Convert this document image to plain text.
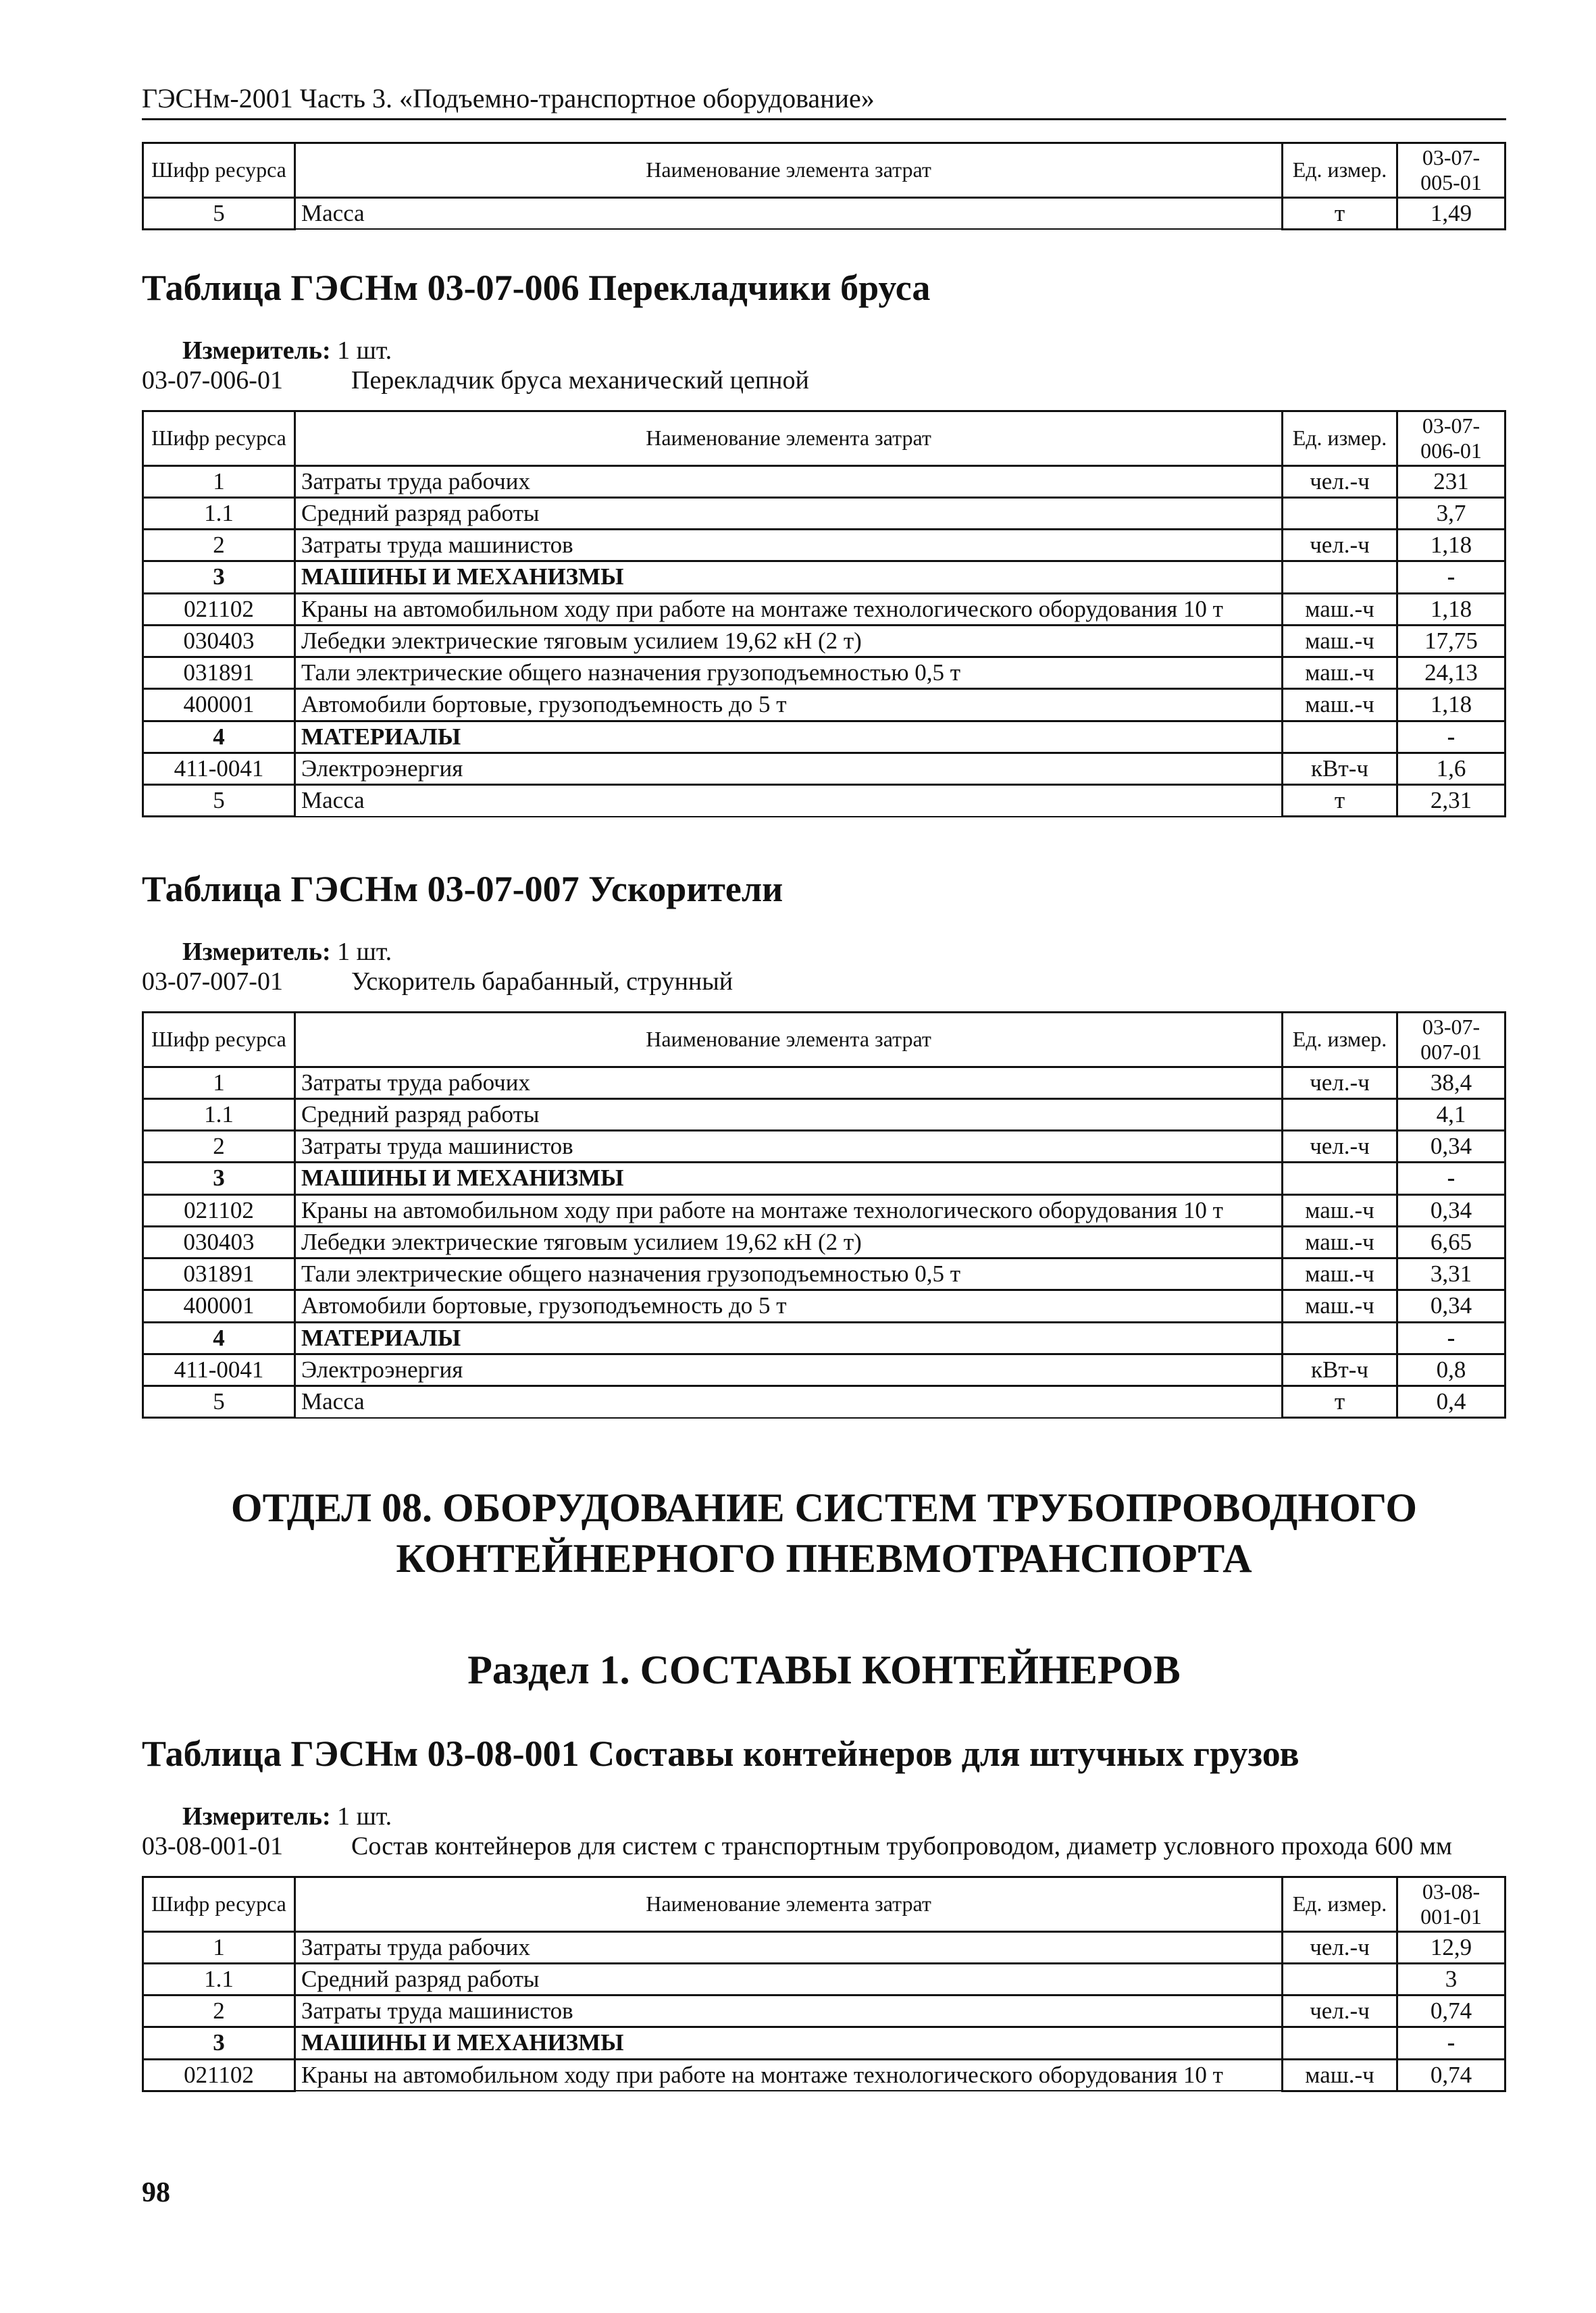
ГЭСНм-2001 Часть 3. «Подъемно-транспортное оборудование»
Шифр ресурса	Наименование элемента затрат	Ед. измер.	03-07-005-01
5	Масса	т	1,49

Таблица ГЭСНм 03-07-006 Перекладчики бруса

Измеритель: 1 шт.
03-07-006-01	Перекладчик бруса механический цепной
Шифр ресурса	Наименование элемента затрат	Ед. измер.	03-07-006-01
1	Затраты труда рабочих	чел.-ч	231
1.1	Средний разряд работы		3,7
2	Затраты труда машинистов	чел.-ч	1,18
3	МАШИНЫ И МЕХАНИЗМЫ		-
021102	Краны на автомобильном ходу при работе на монтаже технологического оборудования 10 т	маш.-ч	1,18
030403	Лебедки электрические тяговым усилием 19,62 кН (2 т)	маш.-ч	17,75
031891	Тали электрические общего назначения грузоподъемностью 0,5 т	маш.-ч	24,13
400001	Автомобили бортовые, грузоподъемность до 5 т	маш.-ч	1,18
4	МАТЕРИАЛЫ		-
411-0041	Электроэнергия	кВт-ч	1,6
5	Масса	т	2,31

Таблица ГЭСНм 03-07-007 Ускорители

Измеритель: 1 шт.
03-07-007-01	Ускоритель барабанный, струнный
Шифр ресурса	Наименование элемента затрат	Ед. измер.	03-07-007-01
1	Затраты труда рабочих	чел.-ч	38,4
1.1	Средний разряд работы		4,1
2	Затраты труда машинистов	чел.-ч	0,34
3	МАШИНЫ И МЕХАНИЗМЫ		-
021102	Краны на автомобильном ходу при работе на монтаже технологического оборудования 10 т	маш.-ч	0,34
030403	Лебедки электрические тяговым усилием 19,62 кН (2 т)	маш.-ч	6,65
031891	Тали электрические общего назначения грузоподъемностью 0,5 т	маш.-ч	3,31
400001	Автомобили бортовые, грузоподъемность до 5 т	маш.-ч	0,34
4	МАТЕРИАЛЫ		-
411-0041	Электроэнергия	кВт-ч	0,8
5	Масса	т	0,4
ОТДЕЛ 08. ОБОРУДОВАНИЕ СИСТЕМ ТРУБОПРОВОДНОГО
КОНТЕЙНЕРНОГО ПНЕВМОТРАНСПОРТА
Раздел 1. СОСТАВЫ КОНТЕЙНЕРОВ

Таблица ГЭСНм 03-08-001 Составы контейнеров для штучных грузов

Измеритель: 1 шт.
03-08-001-01	Состав контейнеров для систем с транспортным трубопроводом, диаметр условного прохода 600 мм
Шифр ресурса	Наименование элемента затрат	Ед. измер.	03-08-001-01
1	Затраты труда рабочих	чел.-ч	12,9
1.1	Средний разряд работы		3
2	Затраты труда машинистов	чел.-ч	0,74
3	МАШИНЫ И МЕХАНИЗМЫ		-
021102	Краны на автомобильном ходу при работе на монтаже технологического оборудования 10 т	маш.-ч	0,74
98
